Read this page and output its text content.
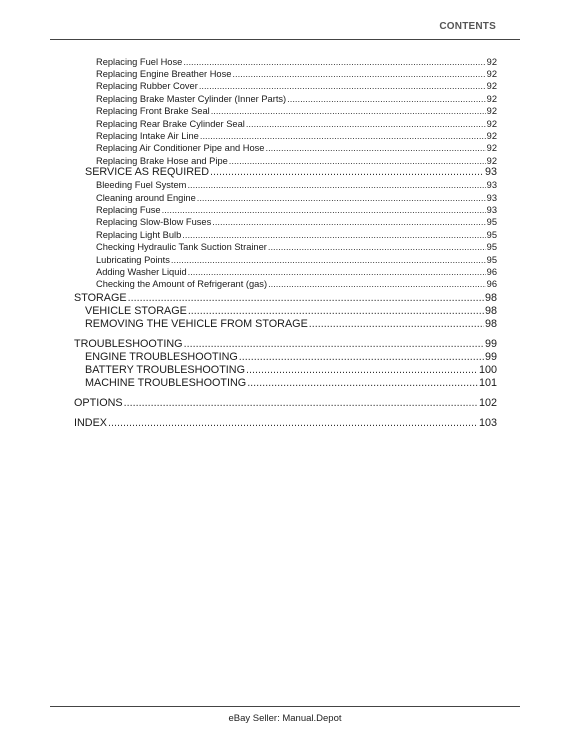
CONTENTS
Replacing Fuel Hose .....	92
Replacing Engine Breather Hose .....	92
Replacing Rubber Cover .....	92
Replacing Brake Master Cylinder (Inner Parts) .....	92
Replacing Front Brake Seal .....	92
Replacing Rear Brake Cylinder Seal .....	92
Replacing Intake Air Line .....	92
Replacing Air Conditioner Pipe and Hose .....	92
Replacing Brake Hose and Pipe .....	92
SERVICE AS REQUIRED .....	93
Bleeding Fuel System .....	93
Cleaning around Engine .....	93
Replacing Fuse .....	93
Replacing Slow-Blow Fuses .....	95
Replacing Light Bulb .....	95
Checking Hydraulic Tank Suction Strainer .....	95
Lubricating Points .....	95
Adding Washer Liquid .....	96
Checking the Amount of Refrigerant (gas) .....	96
STORAGE .....	98
VEHICLE STORAGE .....	98
REMOVING THE VEHICLE FROM STORAGE .....	98
TROUBLESHOOTING .....	99
ENGINE TROUBLESHOOTING .....	99
BATTERY TROUBLESHOOTING .....	100
MACHINE TROUBLESHOOTING .....	101
OPTIONS .....	102
INDEX .....	103
eBay Seller: Manual.Depot
